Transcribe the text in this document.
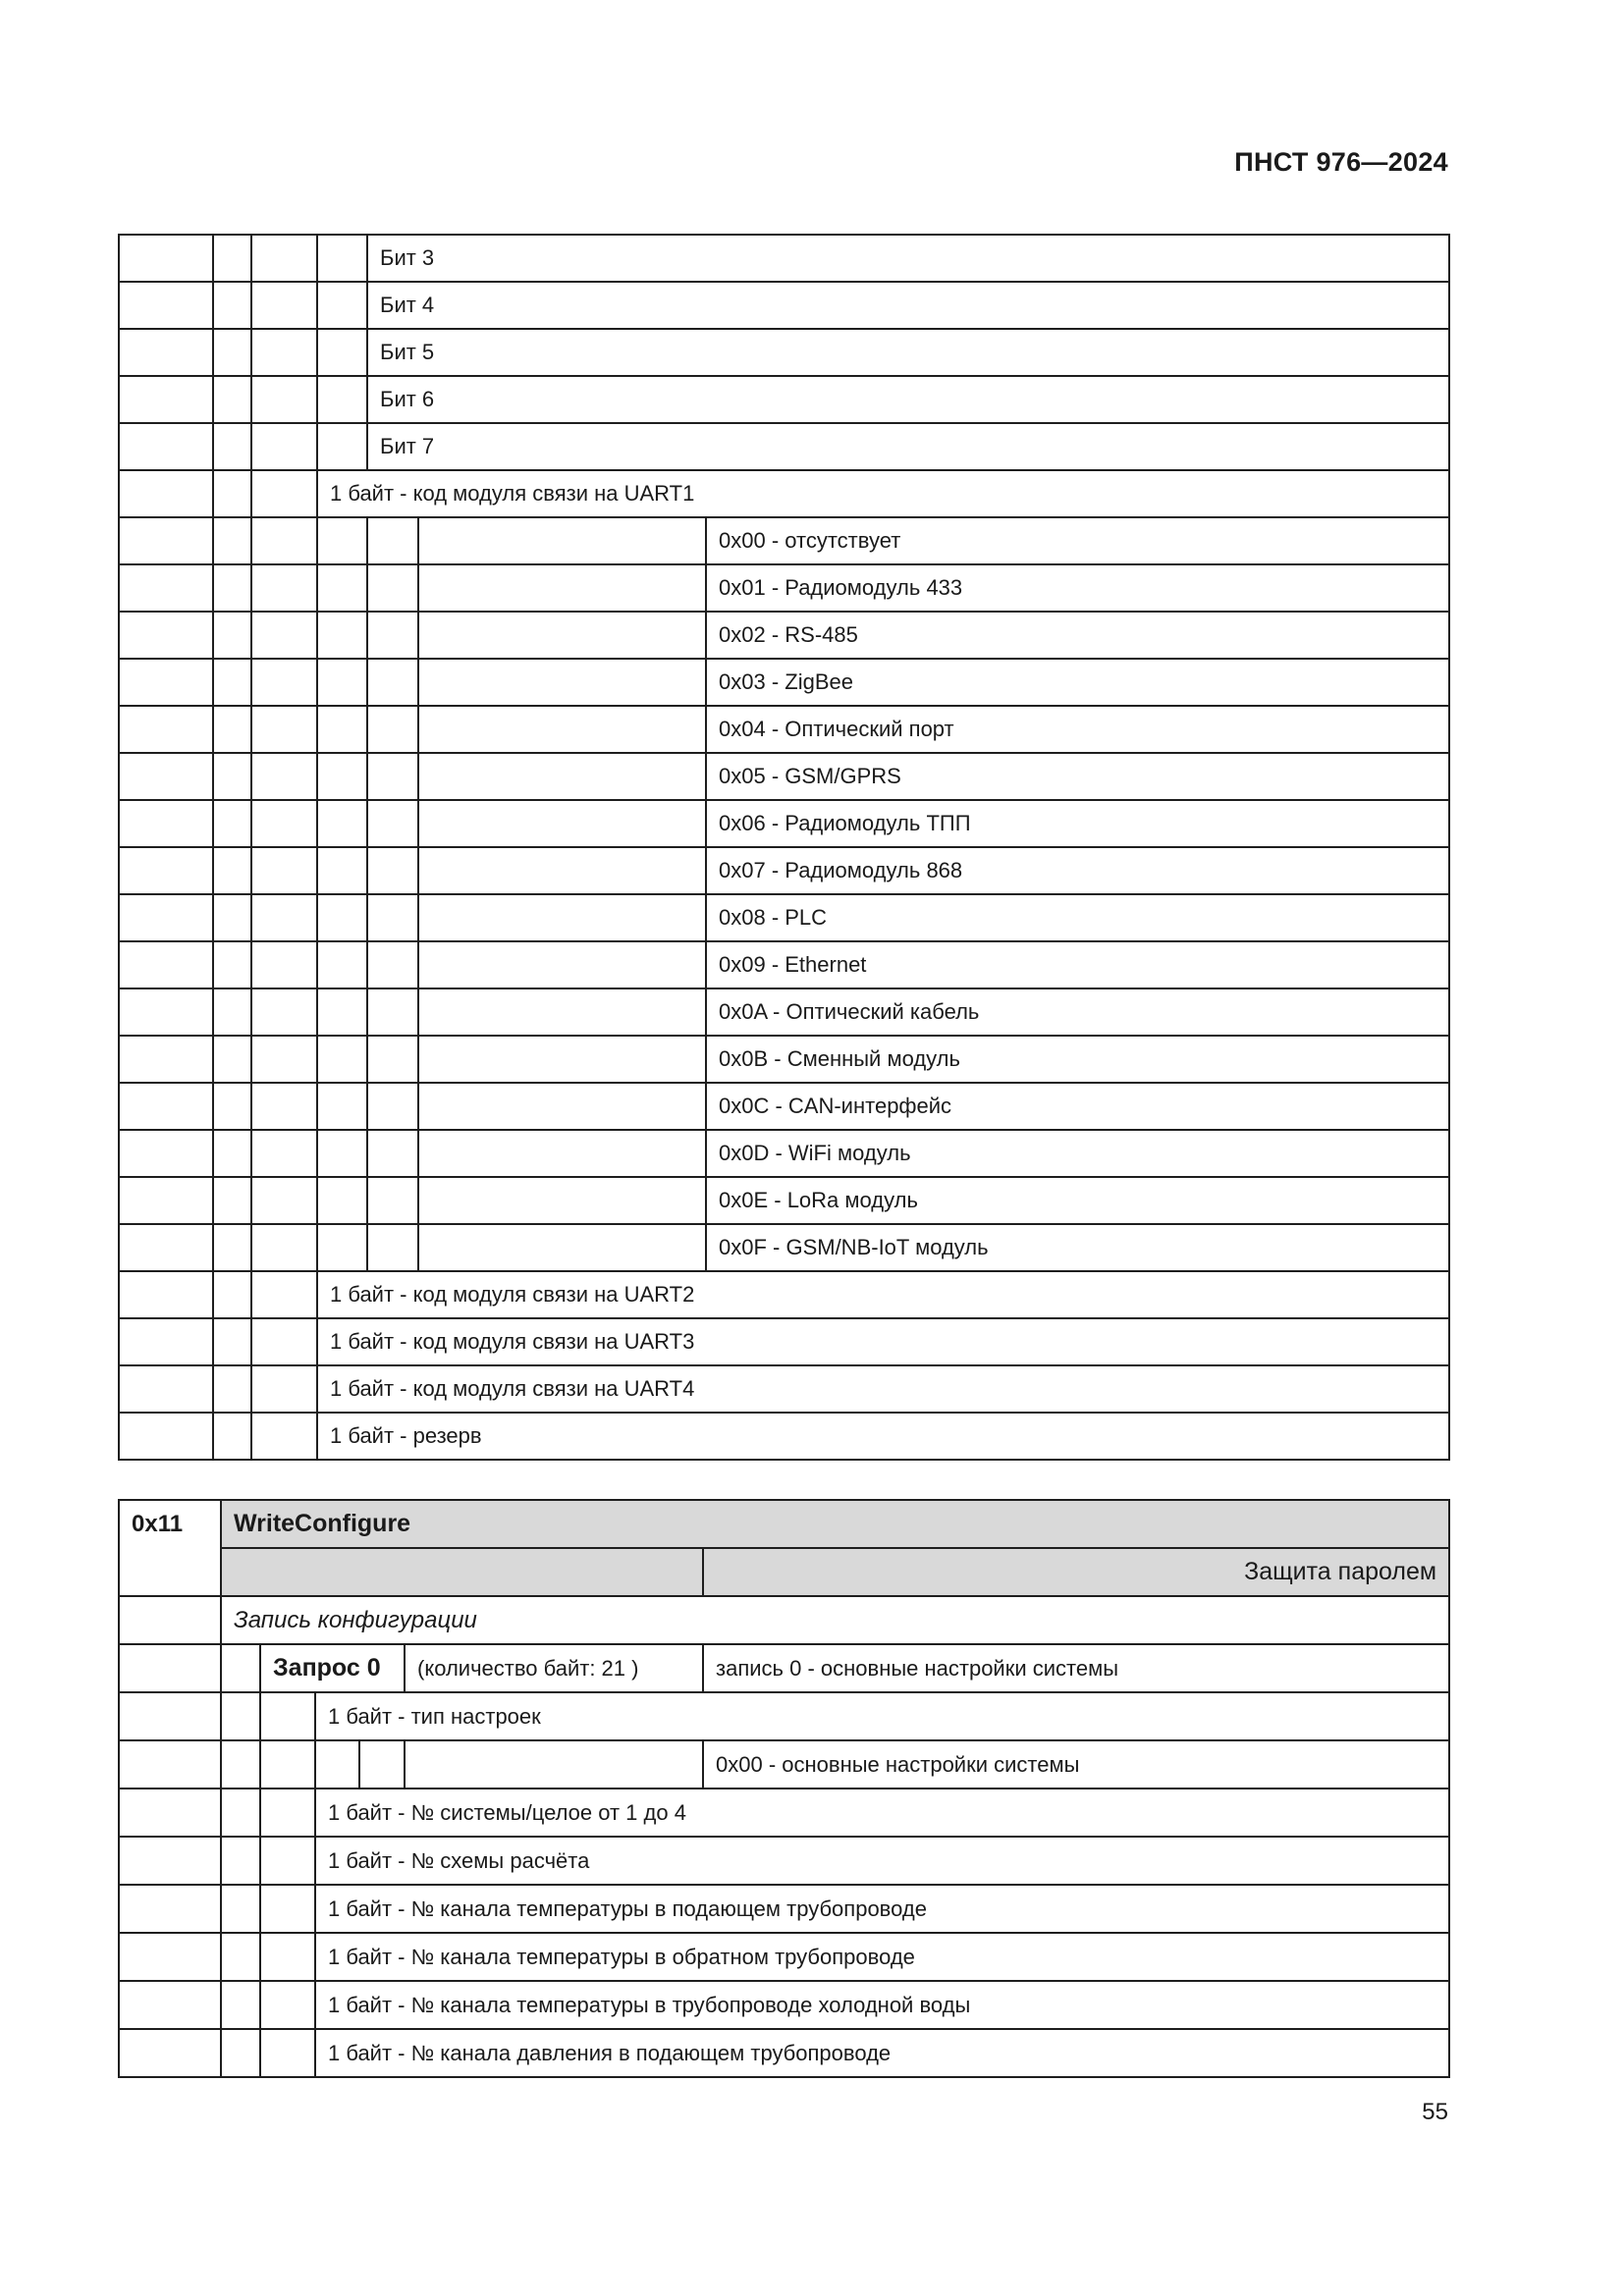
ПНСТ 976—2024
				Бит 3		
				Бит 4		
				Бит 5		
				Бит 6		
				Бит 7		
			1 байт - код модуля связи на UART1			
						0x00 - отсутствует
						0x01 - Радиомодуль 433
						0x02 - RS-485
						0x03 - ZigBee
						0x04 - Оптический порт
						0x05 - GSM/GPRS
						0x06 - Радиомодуль ТПП
						0x07 - Радиомодуль 868
						0x08 - PLC
						0x09 - Ethernet
						0x0A - Оптический кабель
						0x0B - Сменный модуль
						0x0C - CAN-интерфейс
						0x0D - WiFi модуль
						0x0E - LoRa модуль
						0x0F - GSM/NB-IoT модуль
			1 байт - код модуля связи на UART2			
			1 байт - код модуля связи на UART3			
			1 байт - код модуля связи на UART4			
			1 байт - резерв			
0x11	WriteConfigure					
						Защита паролем
	Запись конфигурации					
		Запрос 0			(количество байт: 21 )	запись 0 - основные настройки системы
			1 байт - тип настроек			
						0x00 - основные настройки системы
			1 байт - № системы/целое от 1 до 4			
			1 байт - № схемы расчёта			
			1 байт - № канала температуры в подающем трубопроводе			
			1 байт - № канала температуры в обратном трубопроводе			
			1 байт - № канала температуры в трубопроводе холодной воды			
			1 байт - № канала давления в подающем трубопроводе			
55
